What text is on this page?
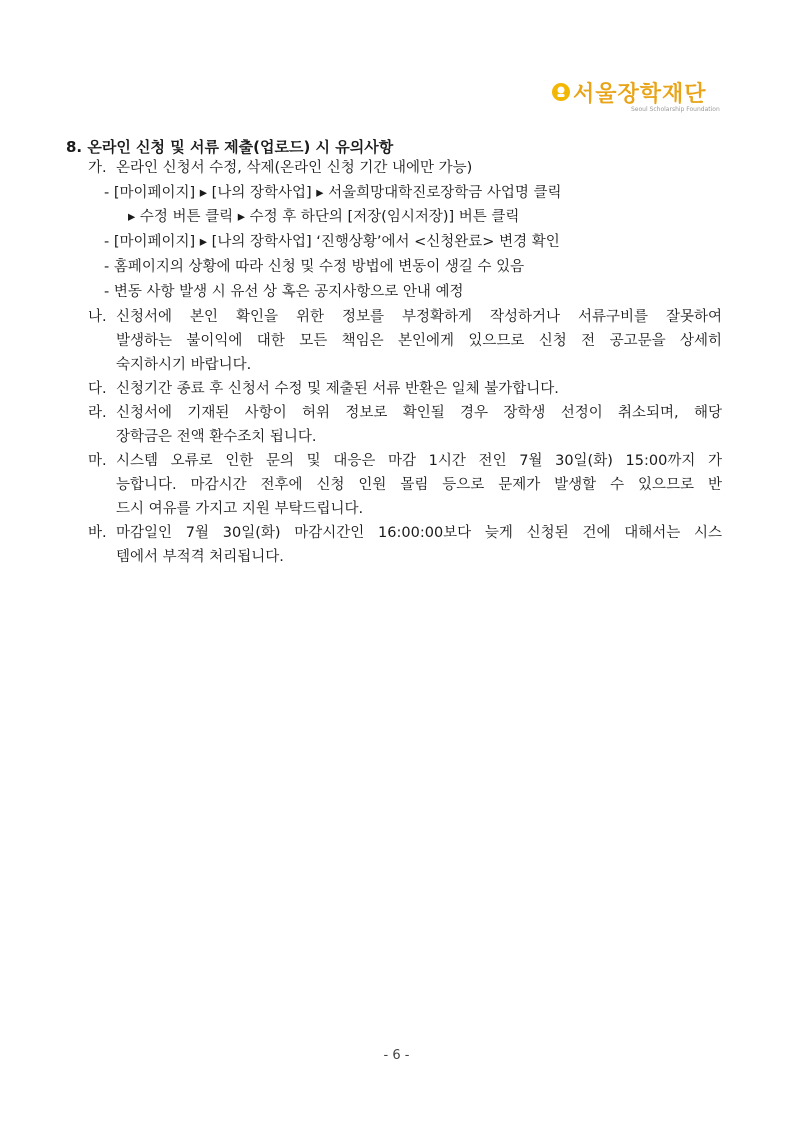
서울장학재단
Seoul Scholarship Foundation
8. 온라인 신청 및 서류 제출(업로드) 시 유의사항
가. 온라인 신청서 수정, 삭제(온라인 신청 기간 내에만 가능)
- [마이페이지] ▸ [나의 장학사업] ▸ 서울희망대학진로장학금 사업명 클릭
▸ 수정 버튼 클릭 ▸ 수정 후 하단의 [저장(임시저장)] 버튼 클릭
- [마이페이지] ▸ [나의 장학사업] ‘진행상황’에서 <신청완료> 변경 확인
- 홈페이지의 상황에 따라 신청 및 수정 방법에 변동이 생길 수 있음
- 변동 사항 발생 시 유선 상 혹은 공지사항으로 안내 예정
나. 신청서에 본인 확인을 위한 정보를 부정확하게 작성하거나 서류구비를 잘못하여
발생하는 불이익에 대한 모든 책임은 본인에게 있으므로 신청 전 공고문을 상세히
숙지하시기 바랍니다.
다. 신청기간 종료 후 신청서 수정 및 제출된 서류 반환은 일체 불가합니다.
라. 신청서에 기재된 사항이 허위 정보로 확인될 경우 장학생 선정이 취소되며, 해당
장학금은 전액 환수조치 됩니다.
마. 시스템 오류로 인한 문의 및 대응은 마감 1시간 전인 7월 30일(화) 15:00까지 가
능합니다. 마감시간 전후에 신청 인원 몰림 등으로 문제가 발생할 수 있으므로 반
드시 여유를 가지고 지원 부탁드립니다.
바. 마감일인 7월 30일(화) 마감시간인 16:00:00보다 늦게 신청된 건에 대해서는 시스
템에서 부적격 처리됩니다.
- 6 -
